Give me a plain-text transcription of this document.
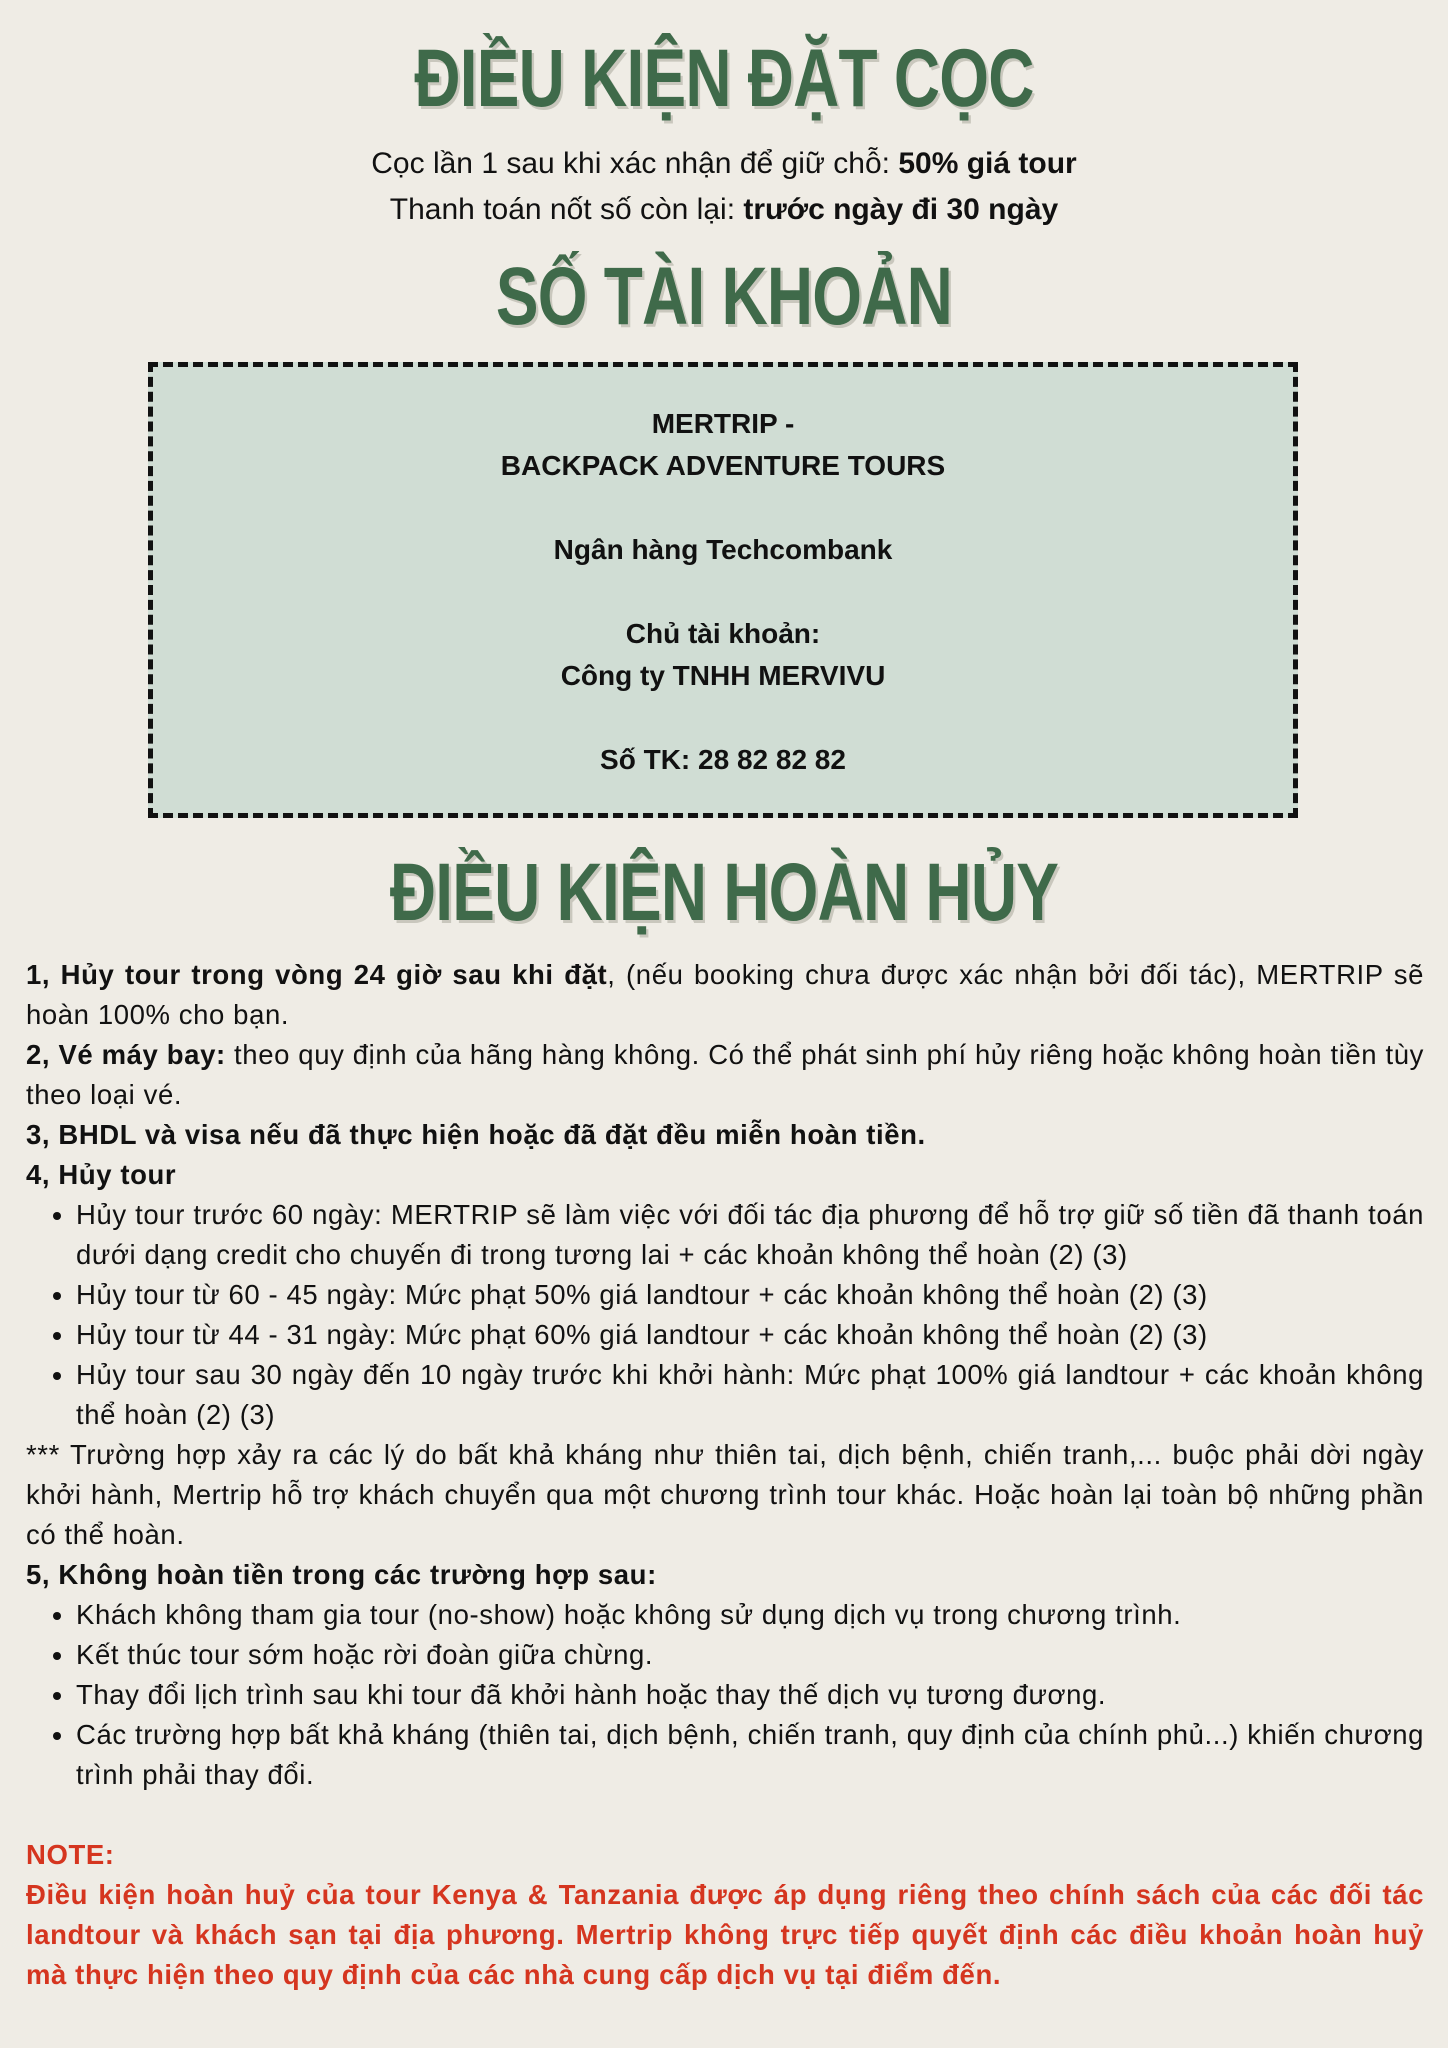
ĐIỀU KIỆN ĐẶT CỌC
Cọc lần 1 sau khi xác nhận để giữ chỗ: 50% giá tour
Thanh toán nốt số còn lại: trước ngày đi 30 ngày
SỐ TÀI KHOẢN
MERTRIP -
BACKPACK ADVENTURE TOURS
Ngân hàng Techcombank
Chủ tài khoản:
Công ty TNHH MERVIVU
Số TK: 28 82 82 82
ĐIỀU KIỆN HOÀN HỦY

1, Hủy tour trong vòng 24 giờ sau khi đặt, (nếu booking chưa được xác nhận bởi đối tác), MERTRIP sẽ hoàn 100% cho bạn.

2, Vé máy bay: theo quy định của hãng hàng không. Có thể phát sinh phí hủy riêng hoặc không hoàn tiền tùy theo loại vé.

3, BHDL và visa nếu đã thực hiện hoặc đã đặt đều miễn hoàn tiền.

4, Hủy tour

• Hủy tour trước 60 ngày: MERTRIP sẽ làm việc với đối tác địa phương để hỗ trợ giữ số tiền đã thanh toán dưới dạng credit cho chuyến đi trong tương lai + các khoản không thể hoàn (2) (3)
• Hủy tour từ 60 - 45 ngày: Mức phạt 50% giá landtour + các khoản không thể hoàn (2) (3)
• Hủy tour từ 44 - 31 ngày: Mức phạt 60% giá landtour + các khoản không thể hoàn (2) (3)
• Hủy tour sau 30 ngày đến 10 ngày trước khi khởi hành: Mức phạt 100% giá landtour + các khoản không thể hoàn (2) (3)

*** Trường hợp xảy ra các lý do bất khả kháng như thiên tai, dịch bệnh, chiến tranh,... buộc phải dời ngày khởi hành, Mertrip hỗ trợ khách chuyển qua một chương trình tour khác. Hoặc hoàn lại toàn bộ những phần có thể hoàn.

5, Không hoàn tiền trong các trường hợp sau:

• Khách không tham gia tour (no-show) hoặc không sử dụng dịch vụ trong chương trình.
• Kết thúc tour sớm hoặc rời đoàn giữa chừng.
• Thay đổi lịch trình sau khi tour đã khởi hành hoặc thay thế dịch vụ tương đương.
• Các trường hợp bất khả kháng (thiên tai, dịch bệnh, chiến tranh, quy định của chính phủ...) khiến chương trình phải thay đổi.

NOTE:

Điều kiện hoàn huỷ của tour Kenya & Tanzania được áp dụng riêng theo chính sách của các đối tác landtour và khách sạn tại địa phương. Mertrip không trực tiếp quyết định các điều khoản hoàn huỷ mà thực hiện theo quy định của các nhà cung cấp dịch vụ tại điểm đến.
